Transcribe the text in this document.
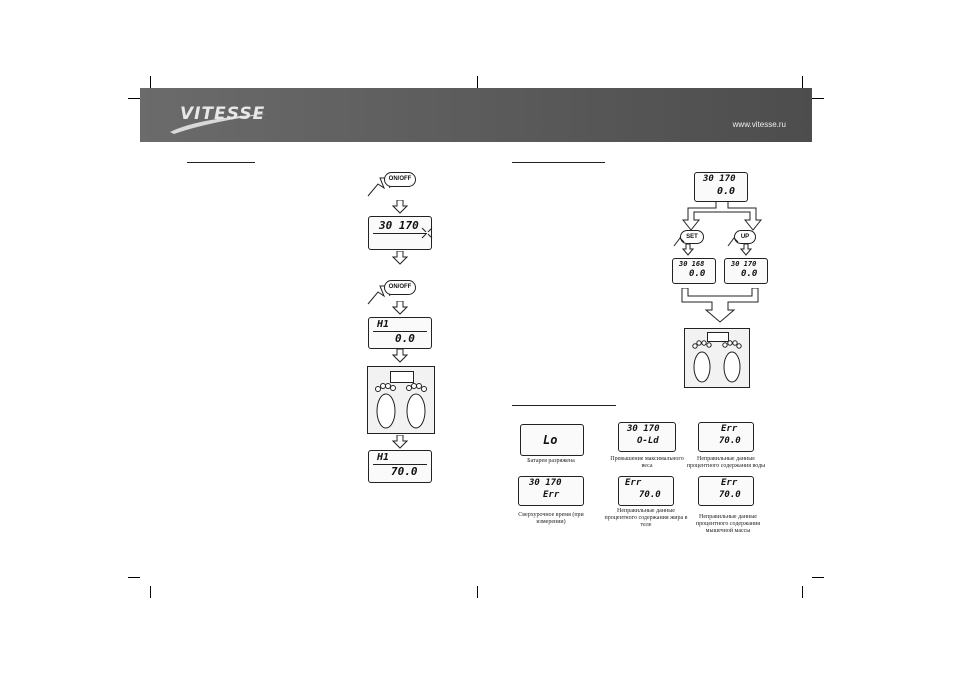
VITESSE
www.vitesse.ru
ON/OFF
30 170
ON/OFF
H1
0.0
H1
70.0
30 170
0.0
SET	UP
30 168
0.0
30 170
0.0
Lo
Батарея разряжена
30 170
O-Ld
Превышение максимального веса
Err
70.0
Неправильные данные процентного содержания воды
30 170
Err
Сверхурочное время (при измерении)
Err
70.0
Неправильные данные процентного содержания жира в теле
Err
70.0
Неправильные данные процентного содержания мышечной массы
